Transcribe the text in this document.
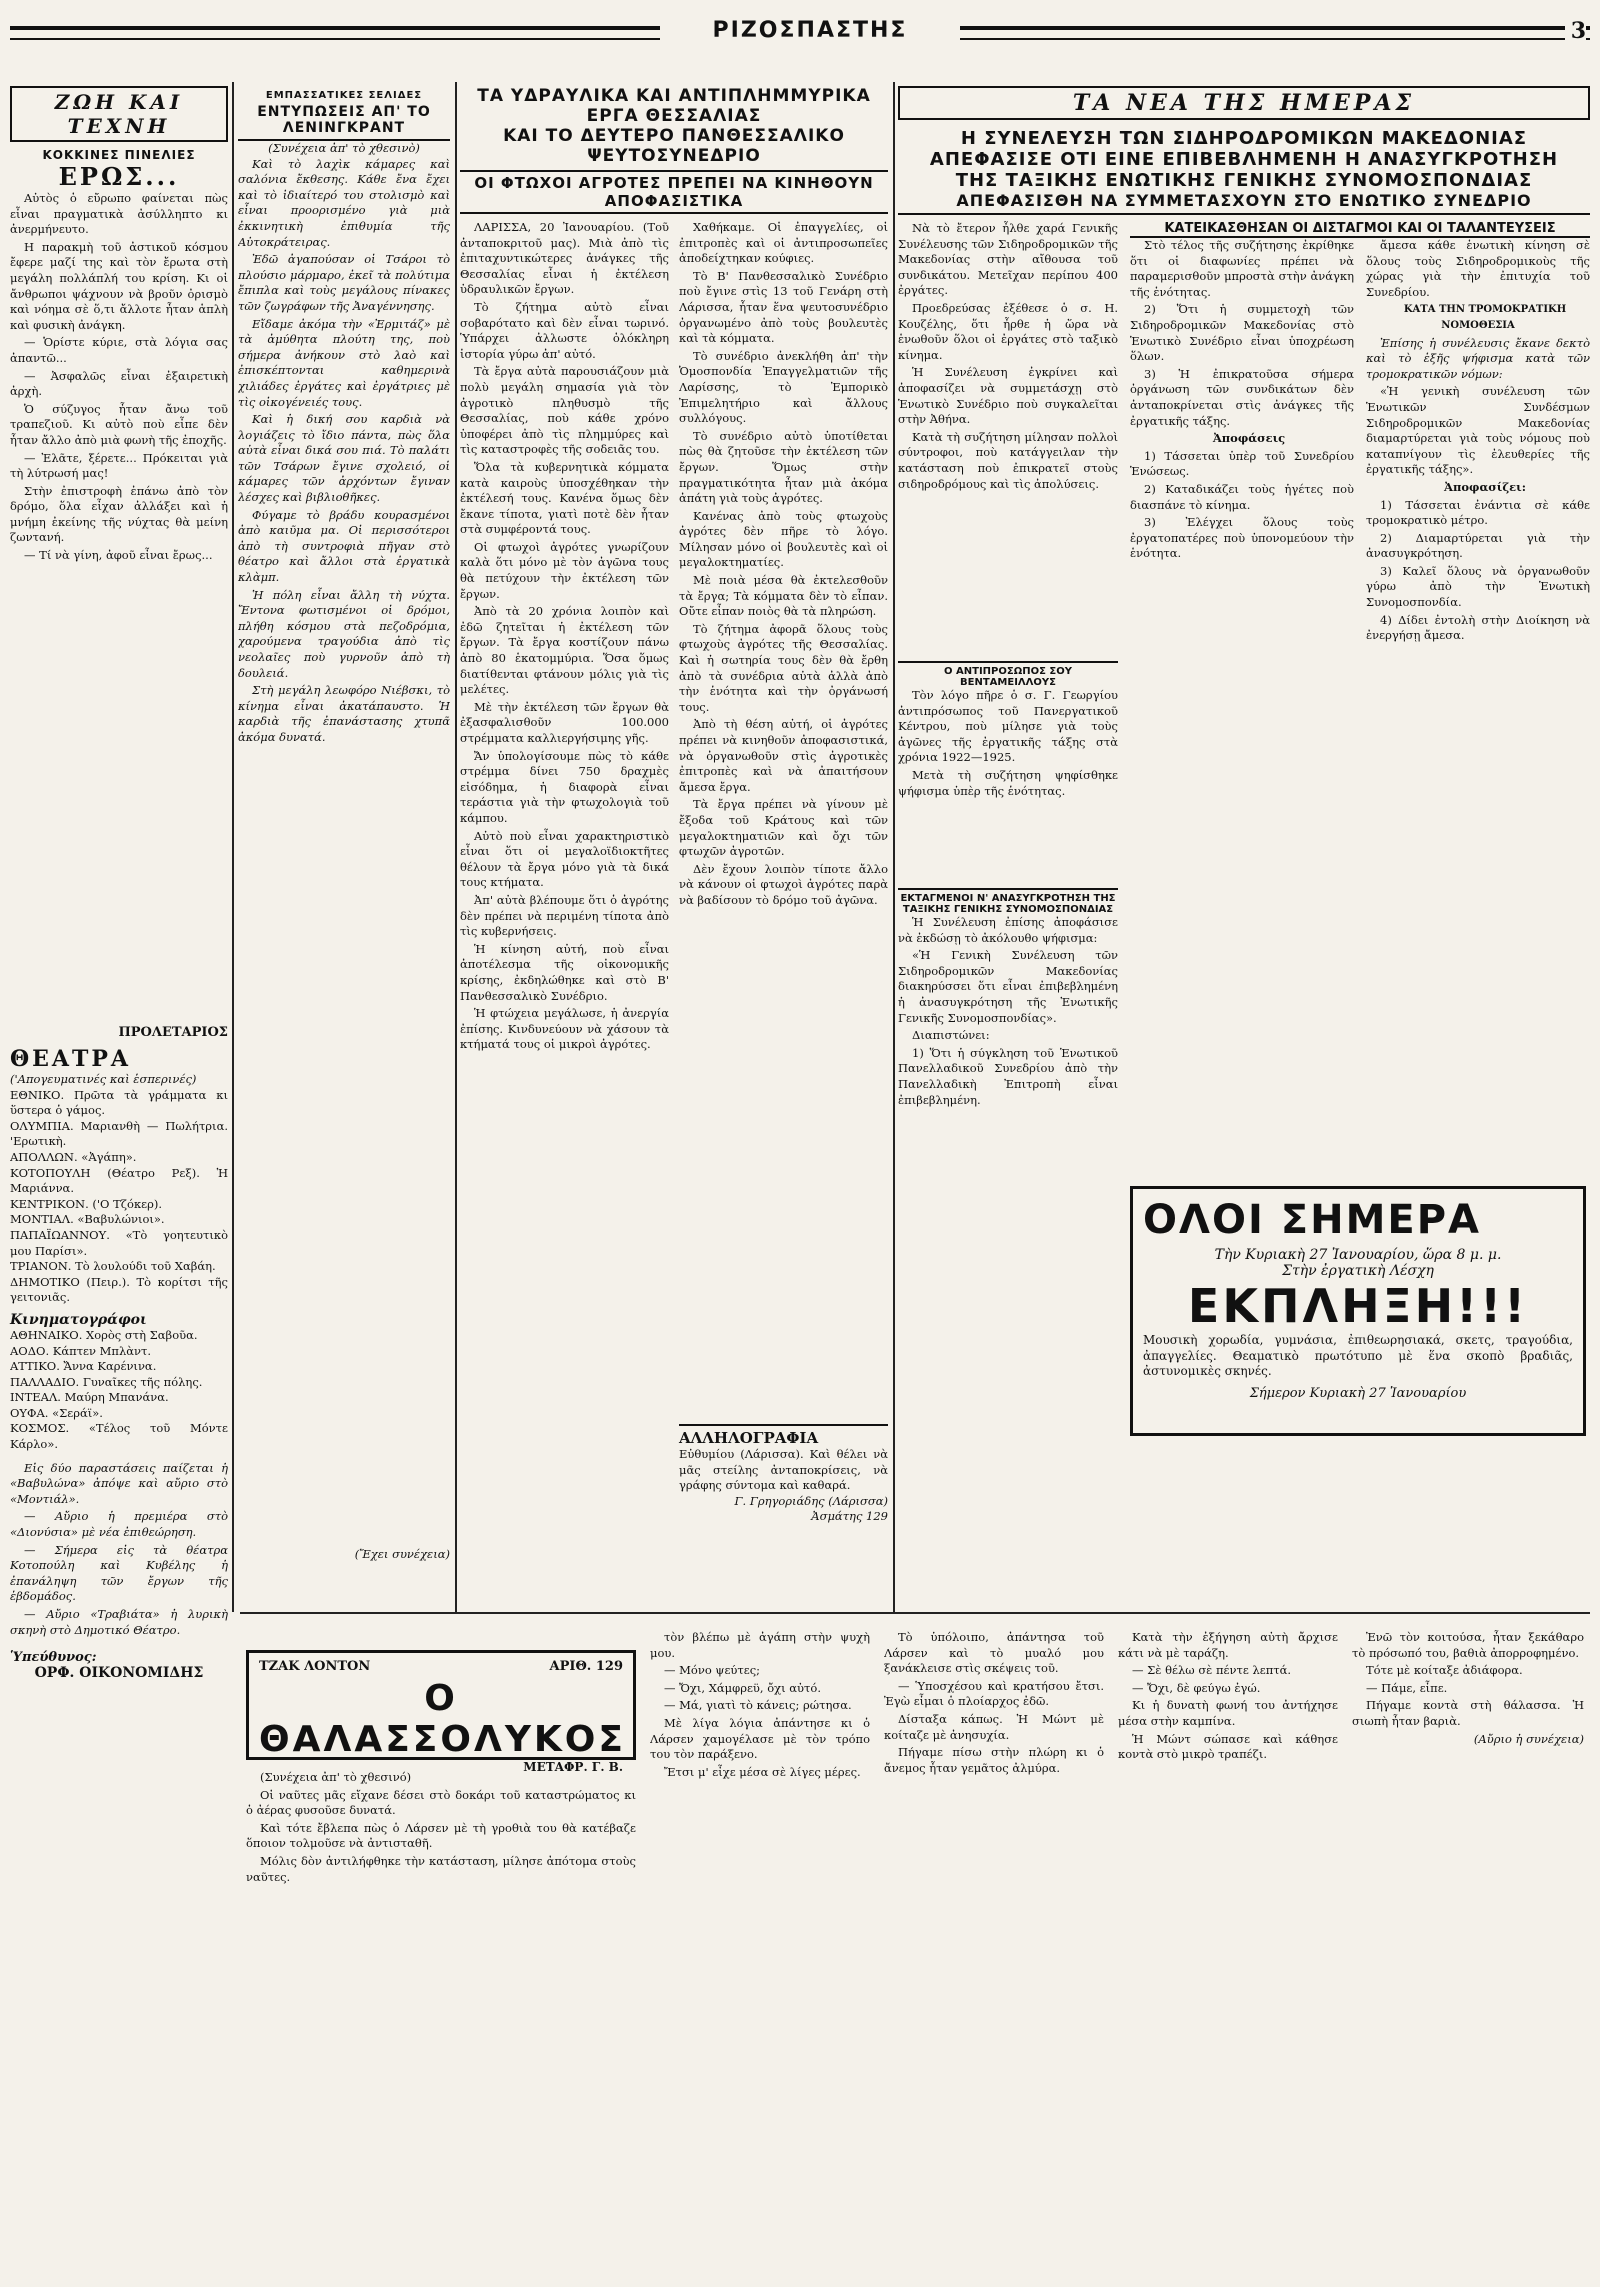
ΡΙΖΟΣΠΑΣΤΗΣ	3
ΖΩΗ ΚΑΙ ΤΕΧΝΗ
ΚΟΚΚΙΝΕΣ ΠΙΝΕΛΙΕΣ
ΕΡΩΣ...

Αὐτὸς ὁ εὔρωπο φαίνεται πὼς εἶναι πραγματικὰ ἀσύλληπτο κι ἀνερμήνευτο.

Η παρακμὴ τοῦ ἀστικοῦ κόσμου ἔφερε μαζί της καὶ τὸν ἔρωτα στὴ μεγάλη πολλάπλή του κρίση. Κι οἱ ἄνθρωποι ψάχνουν νὰ βροῦν ὀρισμὸ καὶ νόημα σὲ ὅ,τι ἄλλοτε ἦταν ἁπλὴ καὶ φυσικὴ ἀνάγκη.

— Ὁρίστε κύριε, στὰ λόγια σας ἀπαντῶ...

— Ἀσφαλῶς εἶναι ἐξαιρετικὴ ἀρχὴ.

Ὁ σύζυγος ἦταν ἄνω τοῦ τραπεζιοῦ. Κι αὐτὸ ποὺ εἶπε δὲν ἦταν ἄλλο ἀπὸ μιὰ φωνὴ τῆς ἐποχῆς.

— Ἐλᾶτε, ξέρετε... Πρόκειται γιὰ τὴ λύτρωσή μας!

Στὴν ἐπιστροφὴ ἐπάνω ἀπὸ τὸν δρόμο, ὅλα εἶχαν ἀλλάξει καὶ ἡ μνήμη ἐκείνης τῆς νύχτας θὰ μείνη ζωντανή.

— Τί νὰ γίνη, ἀφοῦ εἶναι ἔρως...

ΠΡΟΛΕΤΑΡΙΟΣ
ΘΕΑΤΡΑ
('Απογευματινές καὶ ἑσπερινές)
ΕΘΝΙΚΟ. Πρῶτα τὰ γράμματα κι ὕστερα ὁ γάμος.
ΟΛΥΜΠΙΑ. Μαριανθὴ — Πωλήτρια. 'Ερωτικὴ.
ΑΠΟΛΛΩΝ. «Ἀγάπη».
ΚΟΤΟΠΟΥΛΗ (Θέατρο Ρεξ). Ἡ Μαριάννα.
ΚΕΝΤΡΙΚΟΝ. ('Ο Τζόκερ).
ΜΟΝΤΙΑΛ. «Βαβυλώνιοι».
ΠΑΠΑΪΩΑΝΝΟΥ. «Τὸ γοητευτικὸ μου Παρίσι».
ΤΡΙΑΝΟΝ. Τὸ λουλούδι τοῦ Χαβάη.
ΔΗΜΟΤΙΚΟ (Πειρ.). Τὸ κορίτσι τῆς γειτονιᾶς.
Κινηματογράφοι
ΑΘΗΝΑΙΚΟ. Χορὸς στὴ Σαβοῦα.
ΑΟΔΟ. Κάπτεν Μπλὰντ.
ΑΤΤΙΚΟ. Ἄννα Καρένινα.
ΠΑΛΛΑΔΙΟ. Γυναῖκες τῆς πόλης.
ΙΝΤΕΑΛ. Μαύρη Μπανάνα.
ΟΥΦΑ. «Σεράϊ».
ΚΟΣΜΟΣ. «Τέλος τοῦ Μόντε Κάρλο».

Εἰς δύο παραστάσεις παίζεται ἡ «Βαβυλώνα» ἀπόψε καὶ αὔριο στὸ «Μοντιάλ».

— Αὔριο ἡ πρεμιέρα στὸ «Διονύσια» μὲ νέα ἐπιθεώρηση.

— Σήμερα εἰς τὰ θέατρα Κοτοπούλη καὶ Κυβέλης ἡ ἐπανάληψη τῶν ἔργων τῆς ἑβδομάδος.

— Αὔριο «Τραβιάτα» ἡ λυρικὴ σκηνὴ στὸ Δημοτικό Θέατρο.

Ὑπεύθυνος:
ΟΡΦ. ΟΙΚΟΝΟΜΙΔΗΣ
ΕΜΠΑΣΣΑΤΙΚΕΣ ΣΕΛΙΔΕΣ
ΕΝΤΥΠΩΣΕΙΣ ΑΠ' ΤΟ ΛΕΝΙΝΓΚΡΑΝΤ
(Συνέχεια ἀπ' τὸ χθεσινὸ)

Καὶ τὸ λαχὶκ κάμαρες καὶ σαλόνια ἔκθεσης. Κάθε ἔνα ἔχει καὶ τὸ ἰδιαίτερό του στολισμὸ καὶ εἶναι προορισμένο γιὰ μιὰ ἐκκινητικὴ ἐπιθυμία τῆς Αὐτοκράτειρας.

Ἐδῶ ἀγαπούσαν οἱ Τσάροι τὸ πλούσιο μάρμαρο, ἐκεῖ τὰ πολύτιμα ἔπιπλα καὶ τοὺς μεγάλους πίνακες τῶν ζωγράφων τῆς Ἀναγέννησης.

Εἴδαμε ἀκόμα τὴν «Ἐρμιτάζ» μὲ τὰ ἀμύθητα πλούτη της, ποὺ σήμερα ἀνήκουν στὸ λαὸ καὶ ἐπισκέπτονται καθημερινὰ χιλιάδες ἐργάτες καὶ ἐργάτριες μὲ τὶς οἰκογένειές τους.

Καὶ ἡ δική σου καρδιὰ νὰ λογιάζεις τὸ ἴδιο πάντα, πὼς ὅλα αὐτὰ εἶναι δικά σου πιά. Τὸ παλάτι τῶν Τσάρων ἔγινε σχολειό, οἱ κάμαρες τῶν ἀρχόντων ἔγιναν λέσχες καὶ βιβλιοθῆκες.

Φύγαμε τὸ βράδυ κουρασμένοι ἀπὸ καιῦμα μα. Οἱ περισσότεροι ἀπὸ τὴ συντροφιὰ πῆγαν στὸ θέατρο καὶ ἄλλοι στὰ ἐργατικὰ κλὰμπ.

Ἡ πόλη εἶναι ἄλλη τὴ νύχτα. Ἔντονα φωτισμένοι οἱ δρόμοι, πλήθη κόσμου στὰ πεζοδρόμια, χαρούμενα τραγούδια ἀπὸ τὶς νεολαῖες ποὺ γυρνοῦν ἀπὸ τὴ δουλειά.

Στὴ μεγάλη λεωφόρο Νιέβσκι, τὸ κίνημα εἶναι ἀκατάπαυστο. Ἡ καρδιὰ τῆς ἐπανάστασης χτυπᾶ ἀκόμα δυνατά.

(Ἔχει συνέχεια)
ΤΑ ΥΔΡΑΥΛΙΚΑ ΚΑΙ ΑΝΤΙΠΛΗΜΜΥΡΙΚΑ ΕΡΓΑ ΘΕΣΣΑΛΙΑΣ
ΚΑΙ ΤΟ ΔΕΥΤΕΡΟ ΠΑΝΘΕΣΣΑΛΙΚΟ ΨΕΥΤΟΣΥΝΕΔΡΙΟ
ΟΙ ΦΤΩΧΟΙ ΑΓΡΟΤΕΣ ΠΡΕΠΕΙ ΝΑ ΚΙΝΗΘΟΥΝ ΑΠΟΦΑΣΙΣΤΙΚΑ

ΛΑΡΙΣΣΑ, 20 Ἰανουαρίου. (Τοῦ ἀνταποκριτοῦ μας). Μιὰ ἀπὸ τὶς ἐπιταχυντικώτερες ἀνάγκες τῆς Θεσσαλίας εἶναι ἡ ἐκτέλεση ὑδραυλικῶν ἔργων.

Τὸ ζήτημα αὐτὸ εἶναι σοβαρότατο καὶ δὲν εἶναι τωρινό. Ὑπάρχει ἀλλωστε ὁλόκληρη ἱστορία γύρω ἀπ' αὐτό.

Τὰ ἔργα αὐτὰ παρουσιάζουν μιὰ πολὺ μεγάλη σημασία γιὰ τὸν ἀγροτικὸ πληθυσμὸ τῆς Θεσσαλίας, ποὺ κάθε χρόνο ὑποφέρει ἀπὸ τὶς πλημμύρες καὶ τὶς καταστροφὲς τῆς σοδειᾶς του.

Ὅλα τὰ κυβερνητικὰ κόμματα κατὰ καιροὺς ὑποσχέθηκαν τὴν ἐκτέλεσή τους. Κανένα ὅμως δὲν ἔκανε τίποτα, γιατὶ ποτὲ δὲν ἦταν στὰ συμφέροντά τους.

Οἱ φτωχοὶ ἀγρότες γνωρίζουν καλὰ ὅτι μόνο μὲ τὸν ἀγῶνα τους θὰ πετύχουν τὴν ἐκτέλεση τῶν ἔργων.

Ἀπὸ τὰ 20 χρόνια λοιπὸν καὶ ἐδῶ ζητεῖται ἡ ἐκτέλεση τῶν ἔργων. Τὰ ἔργα κοστίζουν πάνω ἀπὸ 80 ἑκατομμύρια. Ὅσα ὅμως διατίθενται φτάνουν μόλις γιὰ τὶς μελέτες.

Μὲ τὴν ἐκτέλεση τῶν ἔργων θὰ ἐξασφαλισθοῦν 100.000 στρέμματα καλλιεργήσιμης γῆς.

Ἄν ὑπολογίσουμε πὼς τὸ κάθε στρέμμα δίνει 750 δραχμὲς εἰσόδημα, ἡ διαφορὰ εἶναι τεράστια γιὰ τὴν φτωχολογιὰ τοῦ κάμπου.

Αὐτὸ ποὺ εἶναι χαρακτηριστικὸ εἶναι ὅτι οἱ μεγαλοϊδιοκτῆτες θέλουν τὰ ἔργα μόνο γιὰ τὰ δικά τους κτήματα.

Ἀπ' αὐτὰ βλέπουμε ὅτι ὁ ἀγρότης δὲν πρέπει νὰ περιμένη τίποτα ἀπὸ τὶς κυβερνήσεις.

Ἡ κίνηση αὐτή, ποὺ εἶναι ἀποτέλεσμα τῆς οἰκονομικῆς κρίσης, ἐκδηλώθηκε καὶ στὸ Β' Πανθεσσαλικὸ Συνέδριο.

Ἡ φτώχεια μεγάλωσε, ἡ ἀνεργία ἐπίσης. Κινδυνεύουν νὰ χάσουν τὰ κτήματά τους οἱ μικροὶ ἀγρότες.

Χαθήκαμε. Οἱ ἐπαγγελίες, οἱ ἐπιτροπὲς καὶ οἱ ἀντιπροσωπεῖες ἀποδείχτηκαν κούφιες.

Τὸ Β' Πανθεσσαλικὸ Συνέδριο ποὺ ἔγινε στὶς 13 τοῦ Γενάρη στὴ Λάρισσα, ἦταν ἕνα ψευτοσυνέδριο ὀργανωμένο ἀπὸ τοὺς βουλευτὲς καὶ τὰ κόμματα.

Τὸ συνέδριο ἀνεκλήθη ἀπ' τὴν Ὁμοσπονδία Ἐπαγγελματιῶν τῆς Λαρίσσης, τὸ Ἐμπορικὸ Ἐπιμελητήριο καὶ ἄλλους συλλόγους.

Τὸ συνέδριο αὐτὸ ὑποτίθεται πὼς θὰ ζητοῦσε τὴν ἐκτέλεση τῶν ἔργων. Ὅμως στὴν πραγματικότητα ἦταν μιὰ ἀκόμα ἀπάτη γιὰ τοὺς ἀγρότες.

Κανένας ἀπὸ τοὺς φτωχοὺς ἀγρότες δὲν πῆρε τὸ λόγο. Μίλησαν μόνο οἱ βουλευτὲς καὶ οἱ μεγαλοκτηματίες.

Μὲ ποιὰ μέσα θὰ ἐκτελεσθοῦν τὰ ἔργα; Τὰ κόμματα δὲν τὸ εἶπαν. Οὔτε εἶπαν ποιὸς θὰ τὰ πληρώση.

Τὸ ζήτημα ἀφορᾶ ὅλους τοὺς φτωχοὺς ἀγρότες τῆς Θεσσαλίας. Καὶ ἡ σωτηρία τους δὲν θὰ ἔρθη ἀπὸ τὰ συνέδρια αὐτὰ ἀλλὰ ἀπὸ τὴν ἑνότητα καὶ τὴν ὀργάνωσή τους.

Ἀπὸ τὴ θέση αὐτή, οἱ ἀγρότες πρέπει νὰ κινηθοῦν ἀποφασιστικά, νὰ ὀργανωθοῦν στὶς ἀγροτικὲς ἐπιτροπὲς καὶ νὰ ἀπαιτήσουν ἄμεσα ἔργα.

Τὰ ἔργα πρέπει νὰ γίνουν μὲ ἔξοδα τοῦ Κράτους καὶ τῶν μεγαλοκτηματιῶν καὶ ὄχι τῶν φτωχῶν ἀγροτῶν.

Δὲν ἔχουν λοιπὸν τίποτε ἄλλο νὰ κάνουν οἱ φτωχοὶ ἀγρότες παρὰ νὰ βαδίσουν τὸ δρόμο τοῦ ἀγῶνα.

ΑΛΛΗΛΟΓΡΑΦΙΑ
Εὐθυμίου (Λάρισσα). Καὶ θέλει νὰ μᾶς στείλης ἀνταποκρίσεις, νὰ γράφης σύντομα καὶ καθαρά.
Γ. Γρηγοριάδης (Λάρισσα)
Ἀσμάτης 129
ΤΑ ΝΕΑ ΤΗΣ ΗΜΕΡΑΣ
Η ΣΥΝΕΛΕΥΣΗ ΤΩΝ ΣΙΔΗΡΟΔΡΟΜΙΚΩΝ ΜΑΚΕΔΟΝΙΑΣ
ΑΠΕΦΑΣΙΣΕ ΟΤΙ ΕΙΝΕ ΕΠΙΒΕΒΛΗΜΕΝΗ Η ΑΝΑΣΥΓΚΡΟΤΗΣΗ
ΤΗΣ ΤΑΞΙΚΗΣ ΕΝΩΤΙΚΗΣ ΓΕΝΙΚΗΣ ΣΥΝΟΜΟΣΠΟΝΔΙΑΣ
ΑΠΕΦΑΣΙΣΘΗ ΝΑ ΣΥΜΜΕΤΑΣΧΟΥΝ ΣΤΟ ΕΝΩΤΙΚΟ ΣΥΝΕΔΡΙΟ

Νὰ τὸ ἔτερον ἦλθε χαρά Γενικῆς Συνέλευσης τῶν Σιδηροδρομικῶν τῆς Μακεδονίας στὴν αἴθουσα τοῦ συνδικάτου. Μετεῖχαν περίπου 400 ἐργάτες.

Προεδρεύσας ἐξέθεσε ὁ σ. Η. Κουζέλης, ὅτι ἦρθε ἡ ὥρα νὰ ἑνωθοῦν ὅλοι οἱ ἐργάτες στὸ ταξικὸ κίνημα.

Ἡ Συνέλευση ἐγκρίνει καὶ ἀποφασίζει νὰ συμμετάσχῃ στὸ Ἑνωτικὸ Συνέδριο ποὺ συγκαλεῖται στὴν Ἀθήνα.

Κατὰ τὴ συζήτηση μίλησαν πολλοὶ σύντροφοι, ποὺ κατάγγειλαν τὴν κατάσταση ποὺ ἐπικρατεῖ στοὺς σιδηροδρόμους καὶ τὶς ἀπολύσεις.

Ο ΑΝΤΙΠΡΟΣΩΠΟΣ ΣΟΥ ΒΕΝΤΑΜΕΙΛΛΟΥΣ

Τὸν λόγο πῆρε ὁ σ. Γ. Γεωργίου ἀντιπρόσωπος τοῦ Πανεργατικοῦ Κέντρου, ποὺ μίλησε γιὰ τοὺς ἀγῶνες τῆς ἐργατικῆς τάξης στὰ χρόνια 1922—1925.

Μετὰ τὴ συζήτηση ψηφίσθηκε ψήφισμα ὑπὲρ τῆς ἑνότητας.

ΕΚΤΑΓΜΕΝΟΙ Ν' ΑΝΑΣΥΓΚΡΟΤΗΣΗ ΤΗΣ ΤΑΞΙΚΗΣ ΓΕΝΙΚΗΣ ΣΥΝΟΜΟΣΠΟΝΔΙΑΣ

Ἡ Συνέλευση ἐπίσης ἀποφάσισε νὰ ἐκδώσῃ τὸ ἀκόλουθο ψήφισμα:

«Ἡ Γενικὴ Συνέλευση τῶν Σιδηροδρομικῶν Μακεδονίας διακηρύσσει ὅτι εἶναι ἐπιβεβλημένη ἡ ἀνασυγκρότηση τῆς Ἑνωτικῆς Γενικῆς Συνομοσπονδίας».

Διαπιστώνει:

1) Ὅτι ἡ σύγκληση τοῦ Ἑνωτικοῦ Πανελλαδικοῦ Συνεδρίου ἀπὸ τὴν Πανελλαδικὴ Ἐπιτροπὴ εἶναι ἐπιβεβλημένη.

ΚΑΤΕΙΚΑΣΘΗΣΑΝ ΟΙ ΔΙΣΤΑΓΜΟΙ ΚΑΙ ΟΙ ΤΑΛΑΝΤΕΥΣΕΙΣ

Στὸ τέλος τῆς συζήτησης ἐκρίθηκε ὅτι οἱ διαφωνίες πρέπει νὰ παραμερισθοῦν μπροστὰ στὴν ἀνάγκη τῆς ἑνότητας.

2) Ὅτι ἡ συμμετοχὴ τῶν Σιδηροδρομικῶν Μακεδονίας στὸ Ἑνωτικὸ Συνέδριο εἶναι ὑποχρέωση ὅλων.

3) Ἡ ἐπικρατοῦσα σήμερα ὀργάνωση τῶν συνδικάτων δὲν ἀνταποκρίνεται στὶς ἀνάγκες τῆς ἐργατικῆς τάξης.

Ἀποφάσεις

1) Τάσσεται ὑπὲρ τοῦ Συνεδρίου Ἑνώσεως.

2) Καταδικάζει τοὺς ἡγέτες ποὺ διασπάνε τὸ κίνημα.

3) Ἐλέγχει ὅλους τοὺς ἐργατοπατέρες ποὺ ὑπονομεύουν τὴν ἑνότητα.

ἄμεσα κάθε ἑνωτικὴ κίνηση σὲ ὅλους τοὺς Σιδηροδρομικοὺς τῆς χώρας γιὰ τὴν ἐπιτυχία τοῦ Συνεδρίου.

ΚΑΤΑ ΤΗΝ ΤΡΟΜΟΚΡΑΤΙΚΗ ΝΟΜΟΘΕΣΙΑ

Ἐπίσης ἡ συνέλευσις ἔκανε δεκτὸ καὶ τὸ ἑξῆς ψήφισμα κατὰ τῶν τρομοκρατικῶν νόμων:

«Ἡ γενικὴ συνέλευση τῶν Ἑνωτικῶν Συνδέσμων Σιδηροδρομικῶν Μακεδονίας διαμαρτύρεται γιὰ τοὺς νόμους ποὺ καταπνίγουν τὶς ἐλευθερίες τῆς ἐργατικῆς τάξης».

Ἀποφασίζει:

1) Τάσσεται ἐνάντια σὲ κάθε τρομοκρατικὸ μέτρο.

2) Διαμαρτύρεται γιὰ τὴν ἀνασυγκρότηση.

3) Καλεῖ ὅλους νὰ ὀργανωθοῦν γύρω ἀπὸ τὴν Ἑνωτικὴ Συνομοσπονδία.

4) Δίδει ἐντολὴ στὴν Διοίκηση νὰ ἐνεργήσῃ ἄμεσα.

ΟΛΟΙ ΣΗΜΕΡΑ
Τὴν Κυριακὴ 27 Ἰανουαρίου, ὥρα 8 μ. μ.
Στὴν ἐργατικὴ Λέσχη
ΕΚΠΛΗΞΗ!!!
Μουσικὴ χορωδία, γυμνάσια, ἐπιθεωρησιακά, σκετς, τραγούδια, ἀπαγγελίες. Θεαματικὸ πρωτότυπο μὲ ἕνα σκοπὸ βραδιᾶς, ἀστυνομικὲς σκηνές.
Σήμερον Κυριακὴ 27 Ἰανουαρίου
ΤΖΑΚ ΛΟΝΤΟΝ	ΑΡΙΘ. 129
Ο ΘΑΛΑΣΣΟΛΥΚΟΣ
ΜΕΤΑΦΡ. Γ. Β.

(Συνέχεια ἀπ' τὸ χθεσινό)

Οἱ ναῦτες μᾶς εἴχανε δέσει στὸ δοκάρι τοῦ καταστρώματος κι ὁ ἀέρας φυσοῦσε δυνατά.

Καὶ τότε ἔβλεπα πὼς ὁ Λάρσεν μὲ τὴ γροθιὰ του θὰ κατέβαζε ὅποιον τολμοῦσε νὰ ἀντισταθῆ.

Μόλις δὸν ἀντιλήφθηκε τὴν κατάσταση, μίλησε ἀπότομα στοὺς ναῦτες.

τὸν βλέπω μὲ ἀγάπη στὴν ψυχὴ μου.

— Μόνο ψεύτες;

— Ὄχι, Χάμφρεϋ, ὄχι αὐτό.

— Μά, γιατὶ τὸ κάνεις; ρώτησα.

Μὲ λίγα λόγια ἀπάντησε κι ὁ Λάρσεν χαμογέλασε μὲ τὸν τρόπο του τὸν παράξενο.

Ἔτσι μ' εἶχε μέσα σὲ λίγες μέρες.

Τὸ ὑπόλοιπο, ἀπάντησα τοῦ Λάρσεν καὶ τὸ μυαλό μου ξανάκλεισε στὶς σκέψεις τοῦ.

— Ὑποσχέσου καὶ κρατήσου ἔτσι. Ἐγὼ εἶμαι ὁ πλοίαρχος ἐδῶ.

Δίσταξα κάπως. Ἡ Μώντ μὲ κοίταζε μὲ ἀνησυχία.

Πήγαμε πίσω στὴν πλώρη κι ὁ ἄνεμος ἦταν γεμᾶτος ἀλμύρα.

Κατὰ τὴν ἐξήγηση αὐτὴ ἄρχισε κάτι νὰ μὲ ταράζη.

— Σὲ θέλω σὲ πέντε λεπτά.

— Ὄχι, δὲ φεύγω ἐγώ.

Κι ἡ δυνατὴ φωνή του ἀντήχησε μέσα στὴν καμπίνα.

Ἡ Μώντ σώπασε καὶ κάθησε κοντὰ στὸ μικρὸ τραπέζι.

Ἐνῶ τὸν κοιτούσα, ἦταν ξεκάθαρο τὸ πρόσωπό του, βαθιὰ ἀπορροφημένο.

Τότε μὲ κοίταξε ἀδιάφορα.

— Πάμε, εἶπε.

Πήγαμε κοντὰ στὴ θάλασσα. Ἡ σιωπὴ ἦταν βαριὰ.

(Αὔριο ἡ συνέχεια)
